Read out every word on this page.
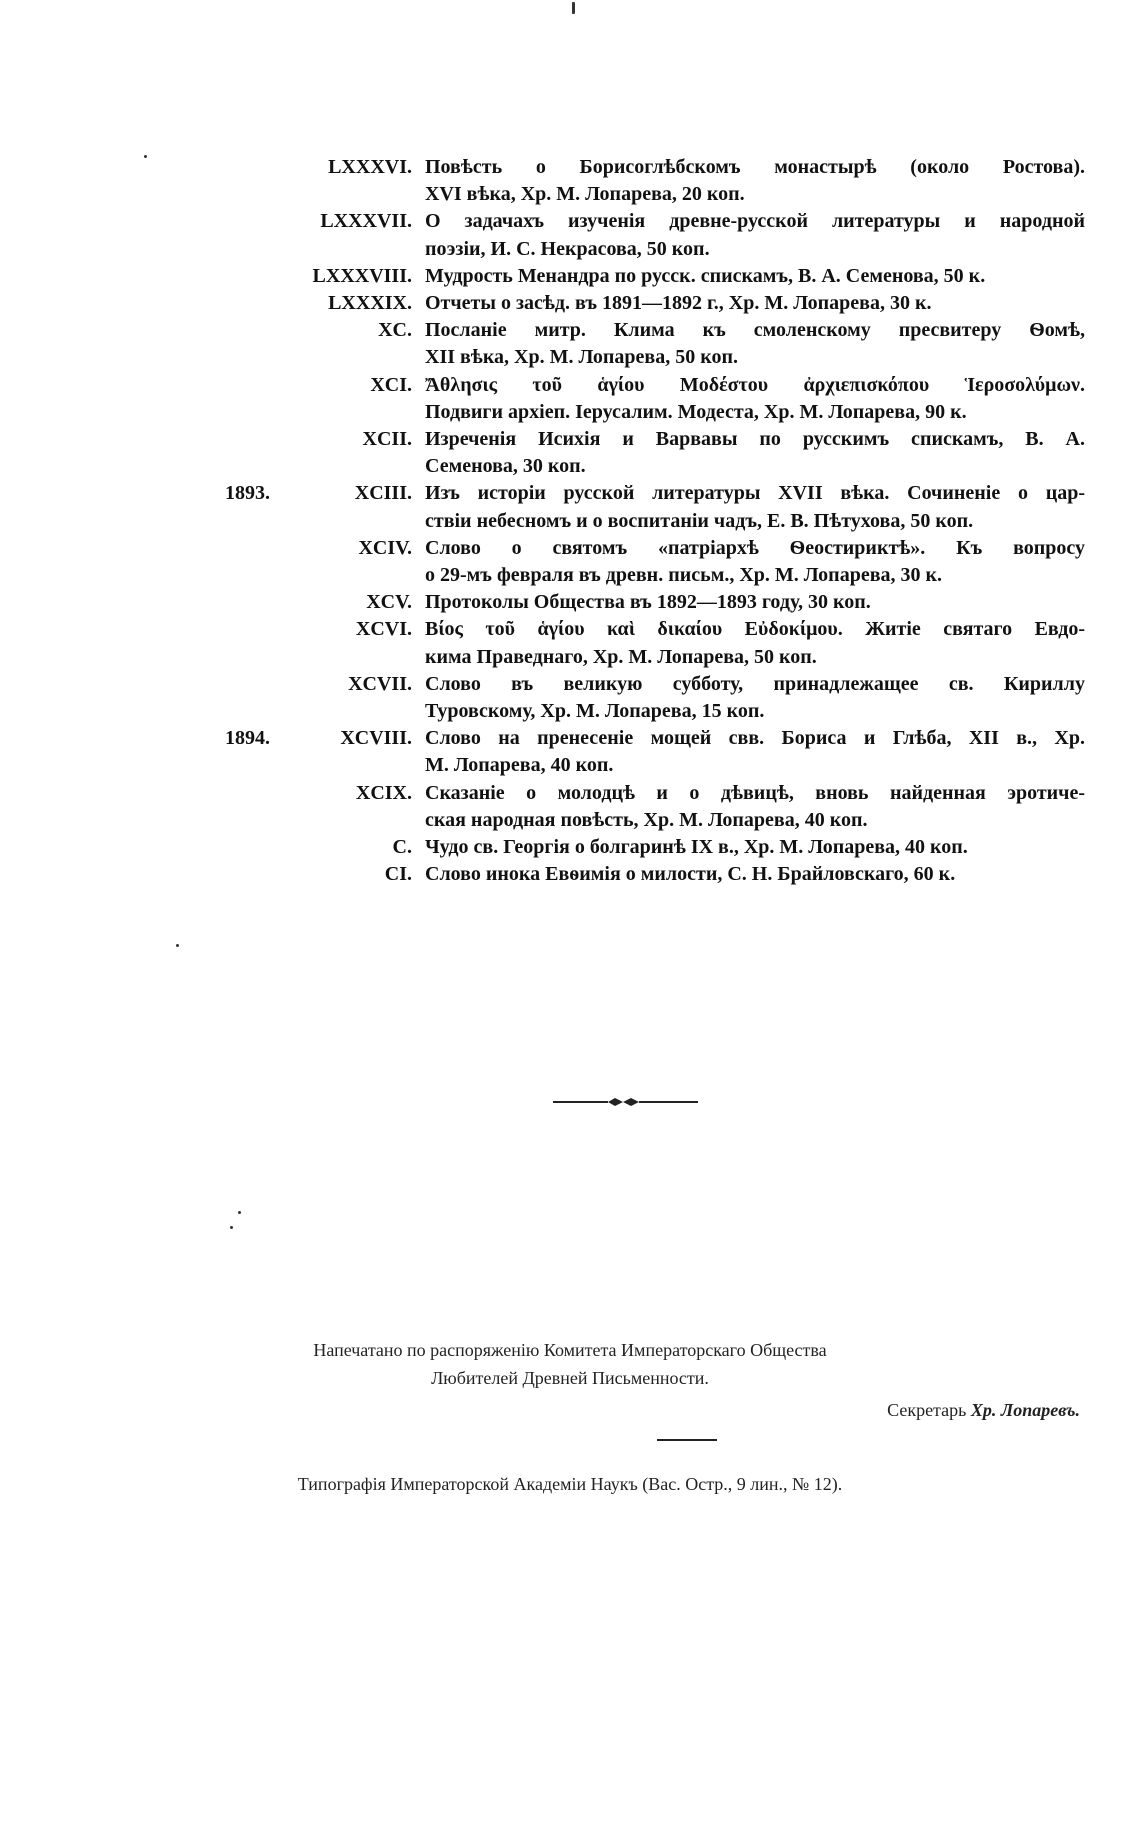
LXXXVI. Повѣсть о Борисоглѣбскомъ монастырѣ (около Ростова).
XVI вѣка, Хр. М. Лопарева, 20 коп.
LXXXVII. О задачахъ изученія древне-русской литературы и народной
поэзіи, И. С. Некрасова, 50 коп.
LXXXVIII. Мудрость Менандра по русск. спискамъ, В. А. Семенова, 50 к.
LXXXIX. Отчеты о засѣд. въ 1891—1892 г., Хр. М. Лопарева, 30 к.
XC. Посланіе митр. Клима къ смоленскому пресвитеру Ѳомѣ,
XII вѣка, Хр. М. Лопарева, 50 коп.
XCI. Ἄθλησις τοῦ ἁγίου Μοδέστου ἀρχιεπισκόπου Ἱεροσολύμων.
Подвиги архіеп. Іерусалим. Модеста, Хр. М. Лопарева, 90 к.
XCII. Изреченія Исихія и Варвавы по русскимъ спискамъ, В. А.
Семенова, 30 коп.
1893.	XCIII. Изъ исторіи русской литературы XVII вѣка. Сочиненіе о цар-
ствіи небесномъ и о воспитаніи чадъ, Е. В. Пѣтухова, 50 коп.
XCIV. Слово о святомъ «патріархѣ Ѳеостириктѣ». Къ вопросу
о 29-мъ февраля въ древн. письм., Хр. М. Лопарева, 30 к.
XCV. Протоколы Общества въ 1892—1893 году, 30 коп.
XCVI. Βίος τοῦ ἁγίου καὶ δικαίου Εὐδοκίμου. Житіе святаго Евдо-
кима Праведнаго, Хр. М. Лопарева, 50 коп.
XCVII. Слово въ великую субботу, принадлежащее св. Кириллу
Туровскому, Хр. М. Лопарева, 15 коп.
1894.	XCVIII. Слово на пренесеніе мощей свв. Бориса и Глѣба, XII в., Хр.
М. Лопарева, 40 коп.
XCIX. Сказаніе о молодцѣ и о дѣвицѣ, вновь найденная эротиче-
ская народная повѣсть, Хр. М. Лопарева, 40 коп.
C. Чудо св. Георгія о болгаринѣ IX в., Хр. М. Лопарева, 40 коп.
CI. Слово инока Евѳимія о милости, С. Н. Брайловскаго, 60 к.
Напечатано по распоряженію Комитета Императорскаго Общества
Любителей Древней Письменности.
Секретарь Хр. Лопаревъ.
Типографія Императорской Академіи Наукъ (Вас. Остр., 9 лин., № 12).
